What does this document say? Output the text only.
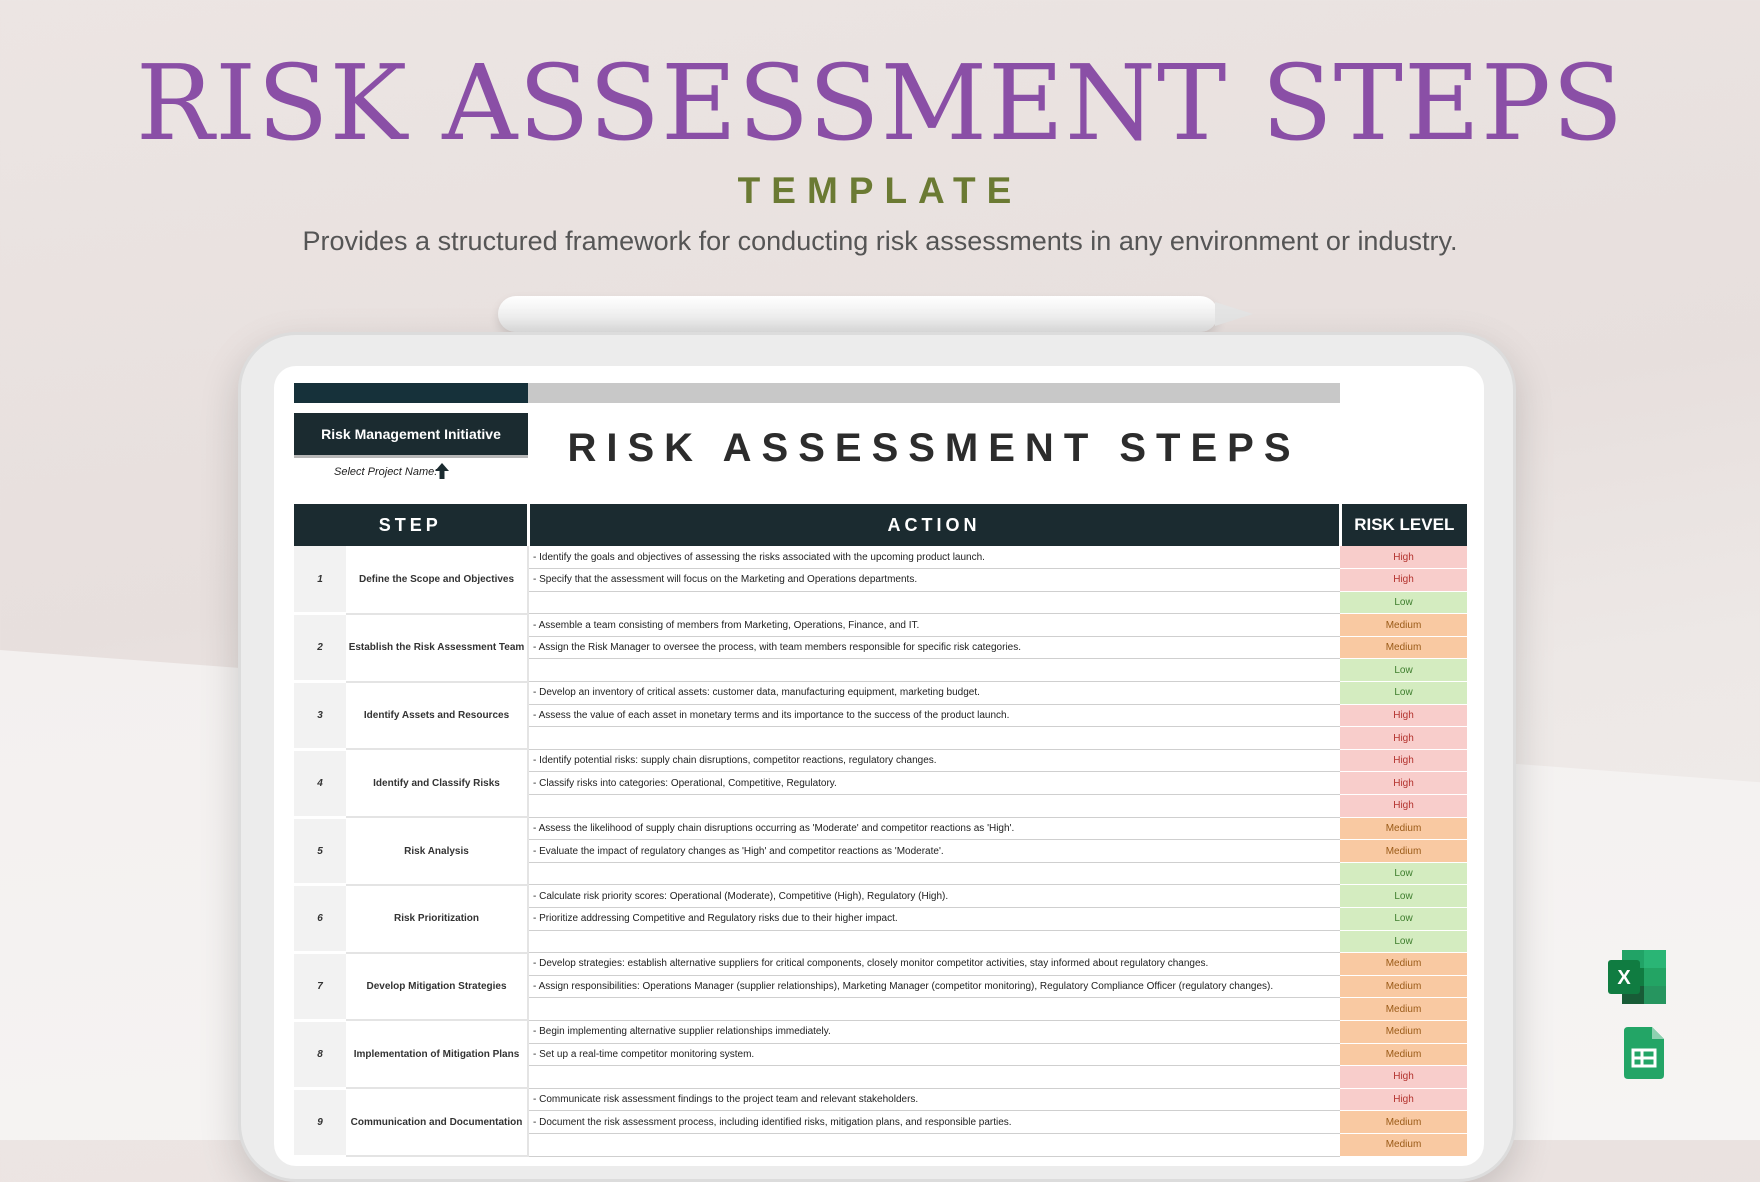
RISK ASSESSMENT STEPS
TEMPLATE
Provides a structured framework for conducting risk assessments in any environment or industry.
Risk Management Initiative
Select Project Name:
RISK ASSESSMENT STEPS
STEP		ACTION	RISK LEVEL
1	Define the Scope and Objectives	- Identify the goals and objectives of assessing the risks associated with the upcoming product launch.	High
		- Specify that the assessment will focus on the Marketing and Operations departments.	High
			Low
2	Establish the Risk Assessment Team	- Assemble a team consisting of members from Marketing, Operations, Finance, and IT.	Medium
		- Assign the Risk Manager to oversee the process, with team members responsible for specific risk categories.	Medium
			Low
3	Identify Assets and Resources	- Develop an inventory of critical assets: customer data, manufacturing equipment, marketing budget.	Low
		- Assess the value of each asset in monetary terms and its importance to the success of the product launch.	High
			High
4	Identify and Classify Risks	- Identify potential risks: supply chain disruptions, competitor reactions, regulatory changes.	High
		- Classify risks into categories: Operational, Competitive, Regulatory.	High
			High
5	Risk Analysis	- Assess the likelihood of supply chain disruptions occurring as 'Moderate' and competitor reactions as 'High'.	Medium
		- Evaluate the impact of regulatory changes as 'High' and competitor reactions as 'Moderate'.	Medium
			Low
6	Risk Prioritization	- Calculate risk priority scores: Operational (Moderate), Competitive (High), Regulatory (High).	Low
		- Prioritize addressing Competitive and Regulatory risks due to their higher impact.	Low
			Low
7	Develop Mitigation Strategies	- Develop strategies: establish alternative suppliers for critical components, closely monitor competitor activities, stay informed about regulatory changes.	Medium
		- Assign responsibilities: Operations Manager (supplier relationships), Marketing Manager (competitor monitoring), Regulatory Compliance Officer (regulatory changes).	Medium
			Medium
8	Implementation of Mitigation Plans	- Begin implementing alternative supplier relationships immediately.	Medium
		- Set up a real-time competitor monitoring system.	Medium
			High
9	Communication and Documentation	- Communicate risk assessment findings to the project team and relevant stakeholders.	High
		- Document the risk assessment process, including identified risks, mitigation plans, and responsible parties.	Medium
			Medium
X
